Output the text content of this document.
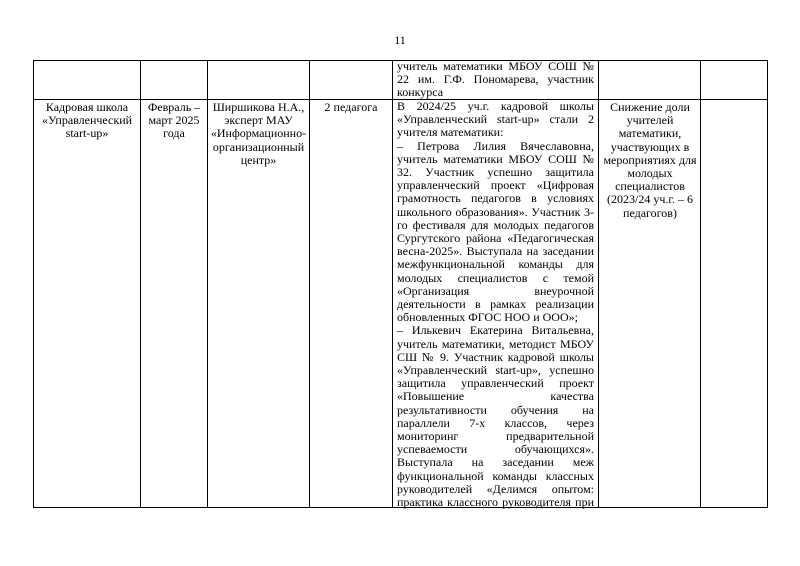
11
учитель математики МБОУ СОШ №
22 им. Г.Ф. Пономарева, участник
конкурса
Кадровая школа «Управленческий start-up»
Февраль – март 2025 года
Ширшикова Н.А., эксперт МАУ «Информационно-организационный центр»
2 педагога	В 2024/25 уч.г. кадровой школы
«Управленческий start-up» стали 2
учителя математики:
– Петрова Лилия Вячеславовна,
учитель математики МБОУ СОШ №
32. Участник успешно защитила
управленческий проект «Цифровая
грамотность педагогов в условиях
школьного образования». Участник 3-
го фестиваля для молодых педагогов
Сургутского района «Педагогическая
весна-2025». Выступала на заседании
межфункциональной команды для
молодых специалистов с темой
«Организация внеурочной
деятельности в рамках реализации
обновленных ФГОС НОО и ООО»;
– Илькевич Екатерина Витальевна,
учитель математики, методист МБОУ
СШ № 9. Участник кадровой школы
«Управленческий start-up», успешно
защитила управленческий проект
«Повышение качества
результативности обучения на
параллели 7-х классов, через
мониторинг предварительной
успеваемости обучающихся».
Выступала на заседании меж
функциональной команды классных
руководителей «Делимся опытом:
практика классного руководителя при
Снижение доли учителей математики, участвующих в мероприятиях для молодых специалистов (2023/24 уч.г. – 6 педагогов)
